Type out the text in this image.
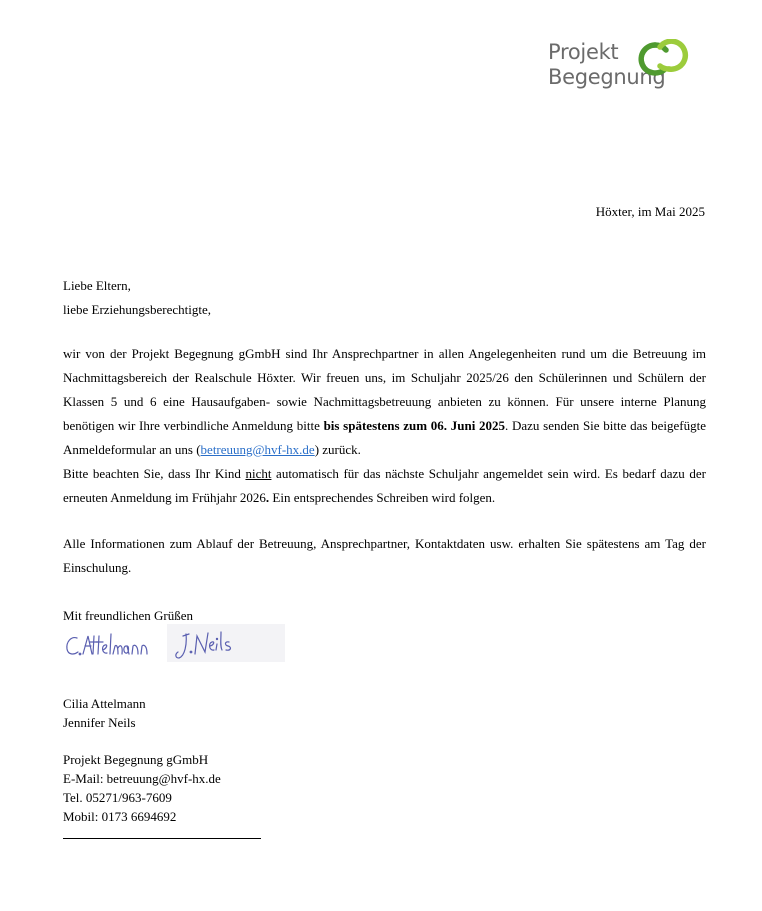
Projekt
Begegnung
Höxter, im Mai 2025
Liebe Eltern,
liebe Erziehungsberechtigte,
wir von der Projekt Begegnung gGmbH sind Ihr Ansprechpartner in allen Angelegenheiten rund um die Betreuung im Nachmittagsbereich der Realschule Höxter. Wir freuen uns, im Schuljahr 2025/26 den Schülerinnen und Schülern der Klassen 5 und 6 eine Hausaufgaben- sowie Nachmittagsbetreuung anbieten zu können. Für unsere interne Planung benötigen wir Ihre verbindliche Anmeldung bitte bis spätestens zum 06. Juni 2025. Dazu senden Sie bitte das beigefügte Anmeldeformular an uns (betreuung@hvf-hx.de) zurück.
Bitte beachten Sie, dass Ihr Kind nicht automatisch für das nächste Schuljahr angemeldet sein wird. Es bedarf dazu der erneuten Anmeldung im Frühjahr 2026. Ein entsprechendes Schreiben wird folgen.
Alle Informationen zum Ablauf der Betreuung, Ansprechpartner, Kontaktdaten usw. erhalten Sie spätestens am Tag der Einschulung.
Mit freundlichen Grüßen
Cilia Attelmann
Jennifer Neils
Projekt Begegnung gGmbH
E-Mail: betreuung@hvf-hx.de
Tel. 05271/963-7609
Mobil: 0173 6694692
